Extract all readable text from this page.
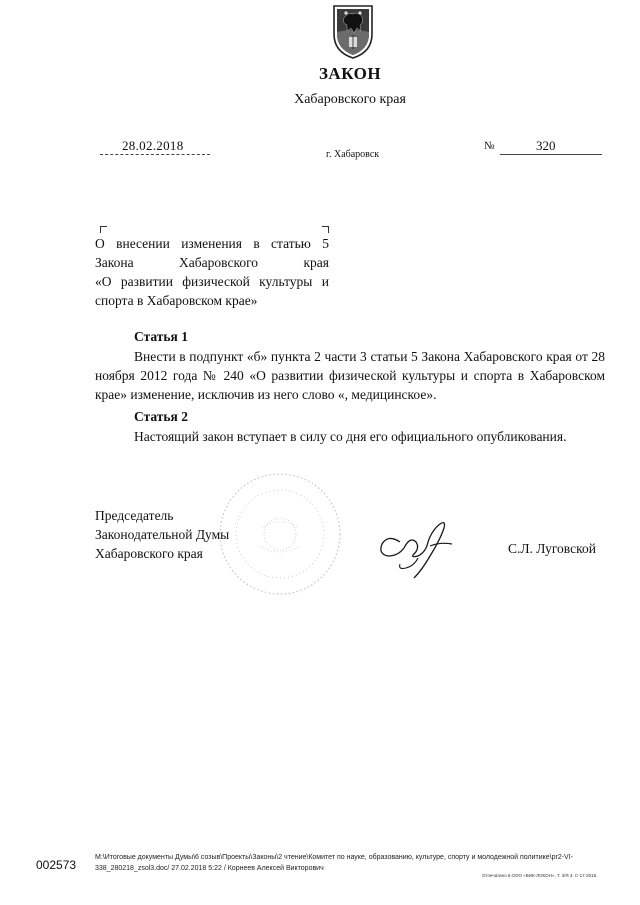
ЗАКОН
Хабаровского края
28.02.2018	№	320
г. Хабаровск
О внесении изменения в статью 5
Закона Хабаровского края
«О развитии физической культуры и
спорта в Хабаровском крае»
Статья 1
Внести в подпункт «б» пункта 2 части 3 статьи 5 Закона Хабаровского края от 28 ноября 2012 года № 240 «О развитии физической культуры и спорта в Хабаровском крае» изменение, исключив из него слово «, медицинское».
Статья 2
Настоящий закон вступает в силу со дня его официального опубликования.
Председатель
Законодательной Думы
Хабаровского края	С.Л. Луговской
002573
М:\Итоговые документы Думы\6 созыв\Проекты\Законы\2 чтение\Комитет по науке, образованию, культуре, спорту и молодежной политике\pr2-VI-338_280218_zsol3.doc/ 27.02.2018 5:22 / Корнеев Алексей Викторович
Отпечатано в ООО «ВИК-ЛОКОН», Т. 3/Я 3. С-17-2018.
